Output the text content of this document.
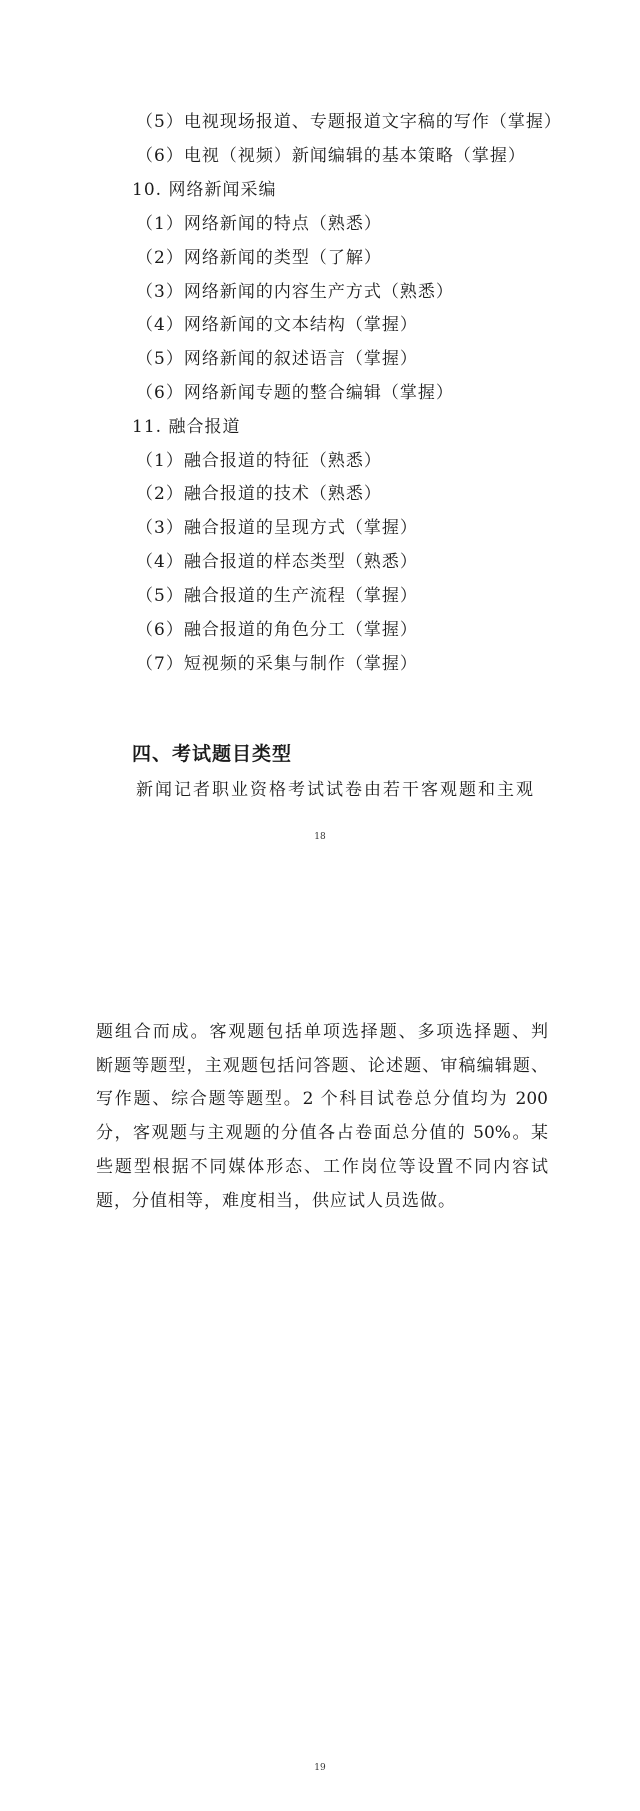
（5）电视现场报道、专题报道文字稿的写作（掌握）
（6）电视（视频）新闻编辑的基本策略（掌握）
10. 网络新闻采编
（1）网络新闻的特点（熟悉）
（2）网络新闻的类型（了解）
（3）网络新闻的内容生产方式（熟悉）
（4）网络新闻的文本结构（掌握）
（5）网络新闻的叙述语言（掌握）
（6）网络新闻专题的整合编辑（掌握）
11. 融合报道
（1）融合报道的特征（熟悉）
（2）融合报道的技术（熟悉）
（3）融合报道的呈现方式（掌握）
（4）融合报道的样态类型（熟悉）
（5）融合报道的生产流程（掌握）
（6）融合报道的角色分工（掌握）
（7）短视频的采集与制作（掌握）
四、考试题目类型
新闻记者职业资格考试试卷由若干客观题和主观
18
题组合而成。客观题包括单项选择题、多项选择题、判
断题等题型，主观题包括问答题、论述题、审稿编辑题、
写作题、综合题等题型。2 个科目试卷总分值均为 200
分，客观题与主观题的分值各占卷面总分值的 50%。某
些题型根据不同媒体形态、工作岗位等设置不同内容试
题，分值相等，难度相当，供应试人员选做。
19
